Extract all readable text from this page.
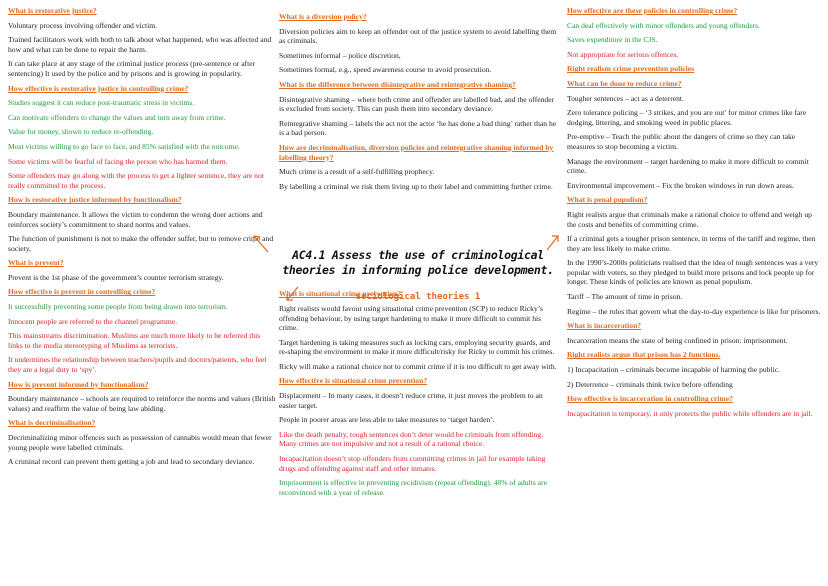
What is restorative justice?
Voluntary process involving offender and victim.
Trained facilitators work with both to talk about what happened, who was affected and how and what can be done to repair the harm.
It can take place at any stage of the criminal justice process (pre-sentence or after sentencing) It used by the police and by prisons and is growing in popularity.
How effective is restorative justice in controlling crime?
Studies suggest it can reduce post-traumatic stress in victims.
Can motivate offenders to change the values and turn away from crime.
Value for money, shown to reduce re-offending.
Most victims willing to go face to face, and 85% satisfied with the outcome.
Some victims will be fearful of facing the person who has harmed them.
Some offenders may go along with the process to get a lighter sentence, they are not really committed to the process.
How is restorative justice informed by functionalism?
Boundary maintenance. It allows the victim to condemn the wrong doer actions and reinforces society’s commitment to shard norms and values.
The function of punishment is not to make the offender suffer, but to remove crime and society,
What is prevent?
Prevent is the 1st phase of the government’s counter terrorism strategy.
How effective is prevent in controlling crime?
It successfully preventing some people from being drawn into terrorism.
Innocent people are referred to the channel programme.
This mainstreams discrimination. Muslims are much more likely to be referred this links to the media stereotyping of Muslims as terrorists.
It undermines the relationship between teachers/pupils and doctors/patients, who feel they are a legal duty to ‘spy’.
How is prevent informed by functionalism?
Boundary maintenance – schools are required to reinforce the norms and values (British values) and reaffirm the value of being law abiding.
What is decriminalisation?
Decriminalizing minor offences such as possession of cannabis would mean that fewer young people were labelled criminals.
A criminal record can prevent them getting a job and lead to secondary deviance.
What is a diversion policy?
Diversion policies aim to keep an offender out of the justice system to avoid labelling them as criminals.
Sometimes informal – police discretion,
Sometimes formal, e.g., speed awareness course to avoid prosecution.
What is the difference between disintegrative and reintegrative shaming?
Disintegrative shaming – where both crime and offender are labelled bad, and the offender is excluded from society. This can push them into secondary deviance.
Reintegrative shaming – labels the act not the actor ‘he has done a bad thing’ rather than he is a bad person.
How are decriminalisation, diversion policies and reintegrative shaming informed by labelling theory?
Much crime is a result of a self-fulfilling prophecy.
By labelling a criminal we risk them living up to their label and committing further crime.
What is situational crime prevention?
Right realists would favour using situational crime prevention (SCP) to reduce Ricky’s offending behaviour, by using target hardening to make it more difficult to commit his crime.
Target hardening is taking measures such as locking cars, employing security guards, and re-shaping the environment to make it more difficult/risky for Ricky to commit his crimes.
Ricky will make a rational choice not to commit crime if it is too difficult to get away with.
How effective is situational crime prevention?
Displacement – In many cases, it doesn’t reduce crime, it just moves the problem to an easier target.
People in poorer areas are less able to take measures to ‘target harden’.
Like the death penalty, tough sentences don’t deter would be criminals from offending. Many crimes are not impulsive and not a result of a rational choice.
Incapacitation doesn’t stop offenders from committing crimes in jail for example taking drugs and offending against staff and other inmates.
Imprisonment is effective in preventing recidivism (repeat offending). 48% of adults are reconvinced with a year of release.
How effective are these policies in controlling crime?
Can deal effectively with minor offenders and young offenders.
Saves expenditure in the CJS.
Not appropriate for serious offences.
Right realism crime prevention policies
What can be done to reduce crime?
Tougher sentences – act as a deterrent.
Zero tolerance policing – ‘3 strikes, and you are out’ for minor crimes like fare dodging, littering, and smoking weed in public places.
Pre-emptive – Teach the public about the dangers of crime so they can take measures to stop becoming a victim.
Manage the environment – target hardening to make it more difficult to commit crime.
Environmental improvement – Fix the broken windows in run down areas.
What is penal populism?
Right realists argue that criminals make a rational choice to offend and weigh up the costs and benefits of committing crime.
If a criminal gets a tougher prison sentence, in terms of the tariff and regime, then they are less likely to make crime.
In the 1990’s-2000s politicians realised that the idea of tough sentences was a very popular with voters, so they pledged to build more prisons and lock people up for longer. These kinds of policies are known as penal populism.
Tariff – The amount of time in prison.
Regime – the rules that govern what the day-to-day experience is like for prisoners.
What is incarceration?
Incarceration means the state of being confined in prison: imprisonment.
Right realists argue that prison has 2 functions.
1) Incapacitation – criminals become incapable of harming the public.
2) Deterrence – criminals think twice before offending
How effective is incarceration in controlling crime?
Incapacitation is temporary, it only protects the public while offenders are in jail.
AC4.1 Assess the use of criminological theories in informing police development.
sociological theories 1
